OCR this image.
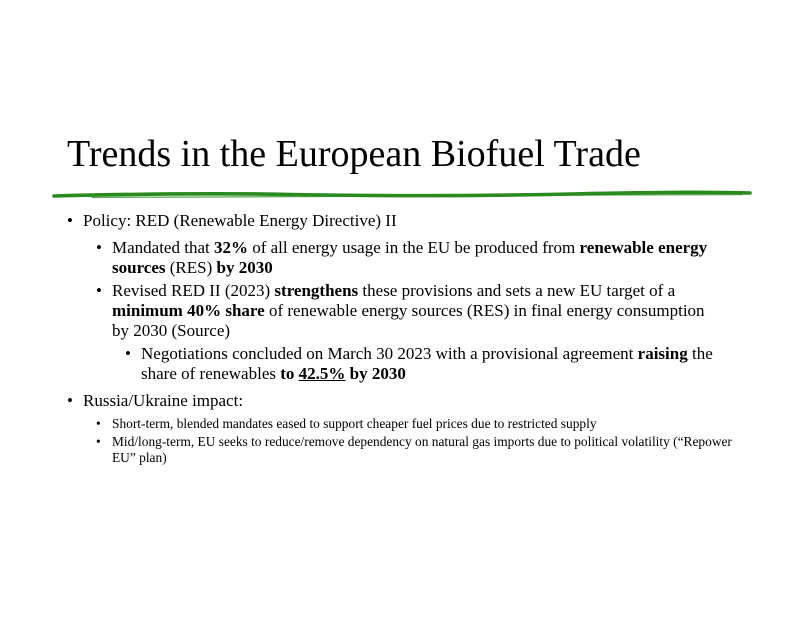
Trends in the European Biofuel Trade
• Policy: RED (Renewable Energy Directive) II
• Mandated that 32% of all energy usage in the EU be produced from renewable energy sources (RES) by 2030
• Revised RED II (2023) strengthens these provisions and sets a new EU target of a minimum 40% share of renewable energy sources (RES) in final energy consumption by 2030 (Source)
• Negotiations concluded on March 30 2023 with a provisional agreement raising the share of renewables to 42.5% by 2030
• Russia/Ukraine impact:
• Short-term, blended mandates eased to support cheaper fuel prices due to restricted supply
• Mid/long-term, EU seeks to reduce/remove dependency on natural gas imports due to political volatility (“Repower EU” plan)
